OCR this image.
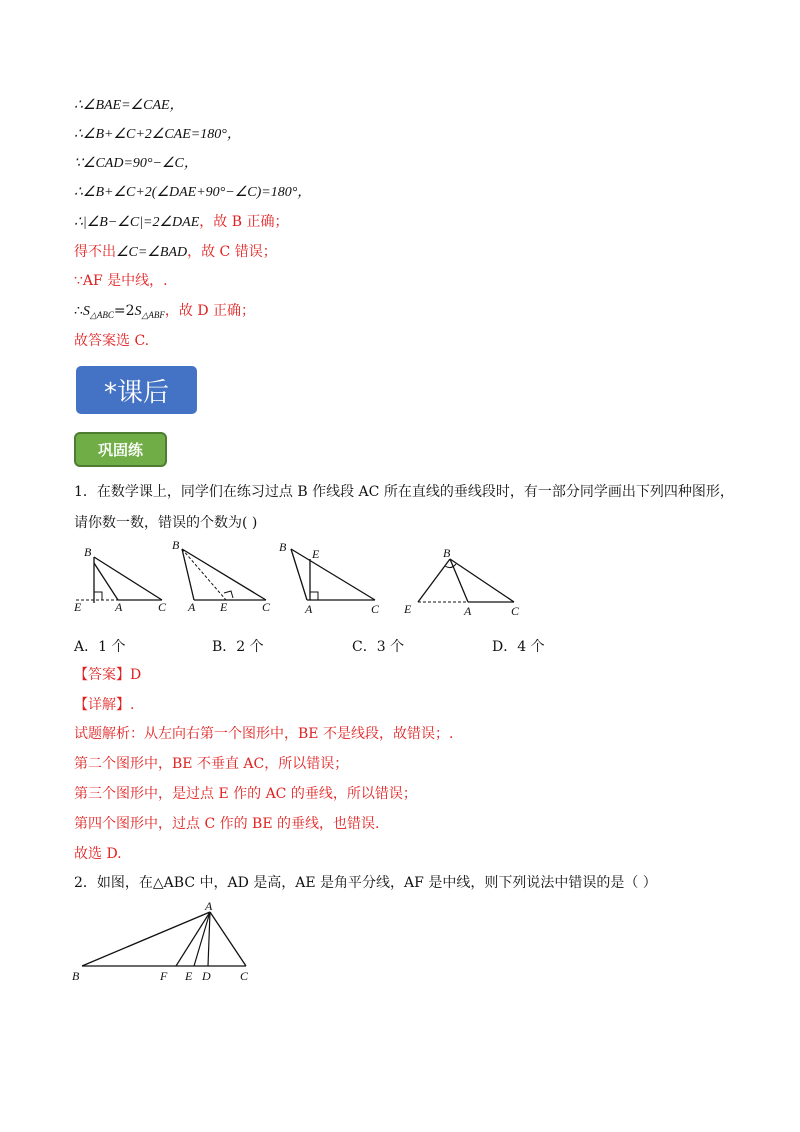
∴∠BAE=∠CAE，
∴∠B+∠C+2∠CAE=180°，
∵∠CAD=90°−∠C，
∴∠B+∠C+2(∠DAE+90°−∠C)=180°，
∴|∠B−∠C|=2∠DAE，故 B 正确；
得不出∠C=∠BAD，故 C 错误；
∵AF 是中线，.
$\therefore S_{\triangle ABC}=2S_{\triangle ABF}$，故 D 正确；
故答案选 C.
*课后
巩固练
1．在数学课上，同学们在练习过点 B 作线段 AC 所在直线的垂线段时，有一部分同学画出下列四种图形，
请你数一数，错误的个数为( )
B
E	A	C
B
A E	C
B E
A	C
B
E	A	C
A．1 个	B．2 个	C．3 个	D．4 个
【答案】D
【详解】.
试题解析：从左向右第一个图形中，BE 不是线段，故错误；.
第二个图形中，BE 不垂直 AC，所以错误；
第三个图形中，是过点 E 作的 AC 的垂线，所以错误；
第四个图形中，过点 C 作的 BE 的垂线，也错误.
故选 D.
2．如图，在△ABC 中，AD 是高，AE 是角平分线，AF 是中线，则下列说法中错误的是（ ）
A
B	F E D C
